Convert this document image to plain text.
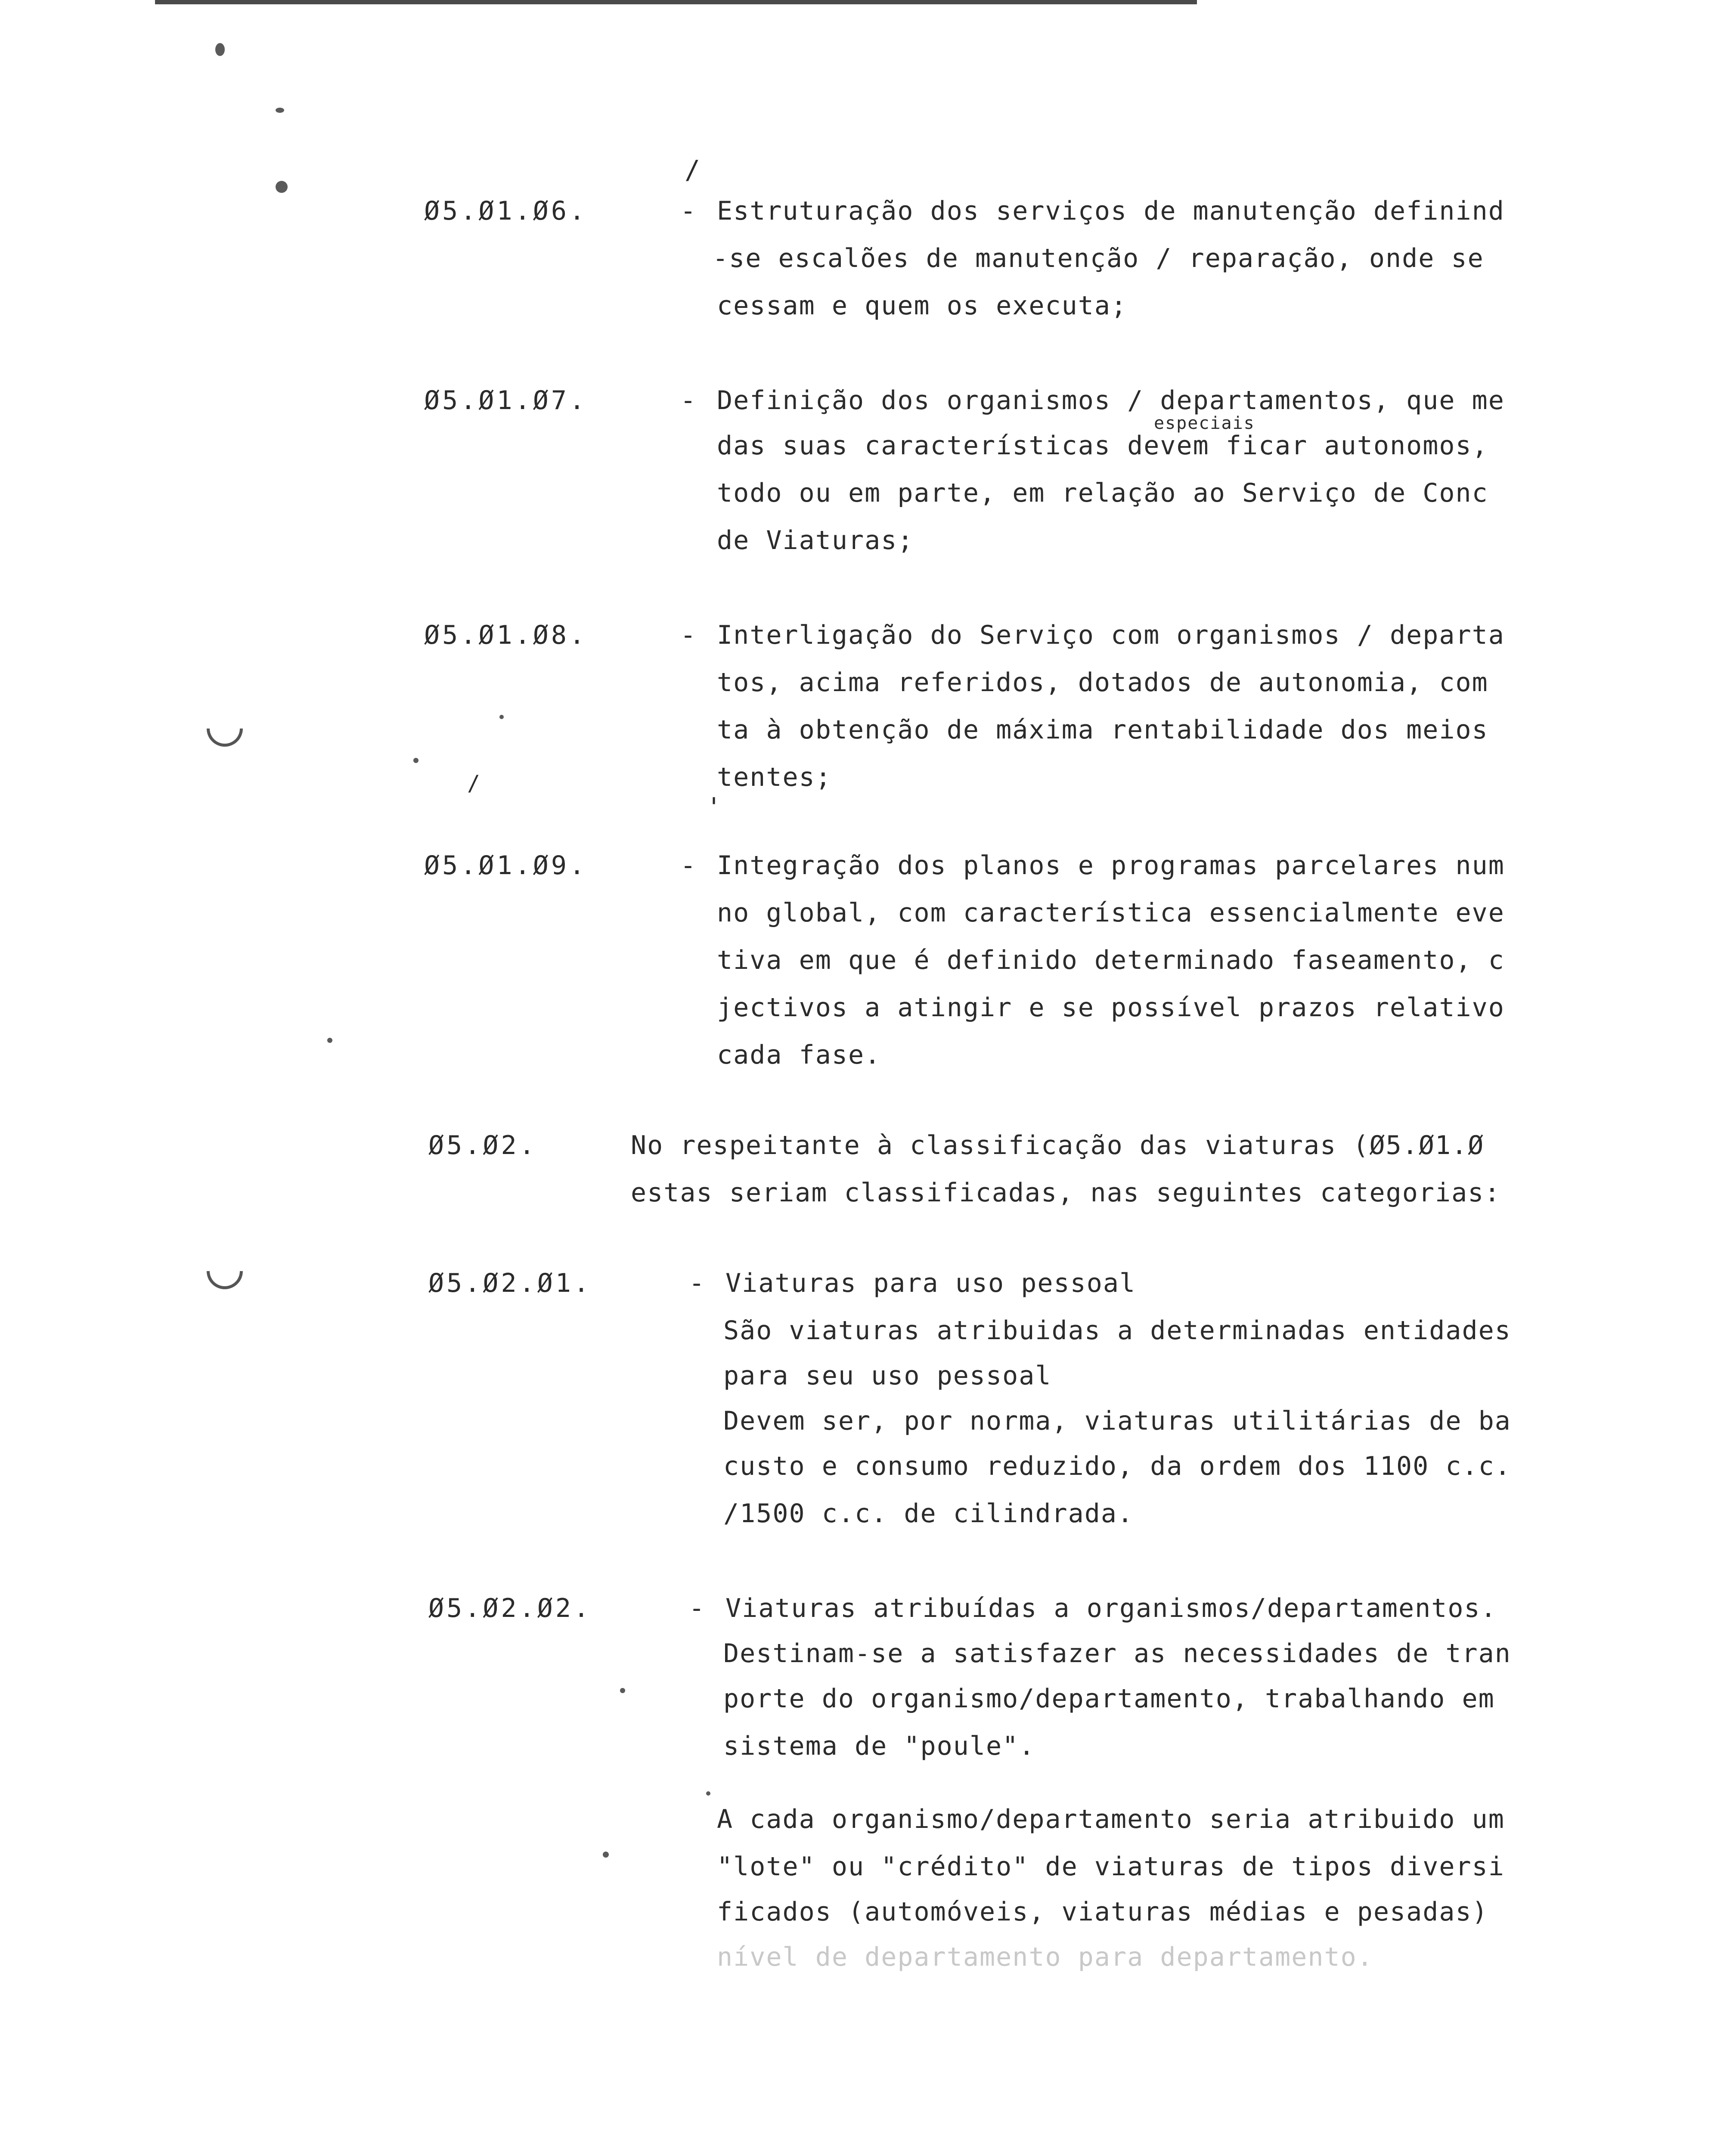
/
/
'
Ø5.Ø1.Ø6.	- Estruturação dos serviços de manutenção definind
-se escalões de manutenção / reparação, onde se
cessam e quem os executa;
Ø5.Ø1.Ø7.	- Definição dos organismos / departamentos, que me
especiais
das suas características devem ficar autonomos,
todo ou em parte, em relação ao Serviço de Conc
de Viaturas;
Ø5.Ø1.Ø8.	- Interligação do Serviço com organismos / departa
tos, acima referidos, dotados de autonomia, com
ta à obtenção de máxima rentabilidade dos meios
tentes;
Ø5.Ø1.Ø9.	- Integração dos planos e programas parcelares num
no global, com característica essencialmente eve
tiva em que é definido determinado faseamento, c
jectivos a atingir e se possível prazos relativo
cada fase.
Ø5.Ø2.	No respeitante à classificação das viaturas (Ø5.Ø1.Ø
estas seriam classificadas, nas seguintes categorias:
Ø5.Ø2.Ø1.	- Viaturas para uso pessoal
São viaturas atribuidas a determinadas entidades
para seu uso pessoal
Devem ser, por norma, viaturas utilitárias de ba
custo e consumo reduzido, da ordem dos 1100 c.c.
/1500 c.c. de cilindrada.
Ø5.Ø2.Ø2.	- Viaturas atribuídas a organismos/departamentos.
Destinam-se a satisfazer as necessidades de tran
porte do organismo/departamento, trabalhando em
sistema de "poule".
A cada organismo/departamento seria atribuido um
"lote" ou "crédito" de viaturas de tipos diversi
ficados (automóveis, viaturas médias e pesadas)
nível de departamento para departamento.
